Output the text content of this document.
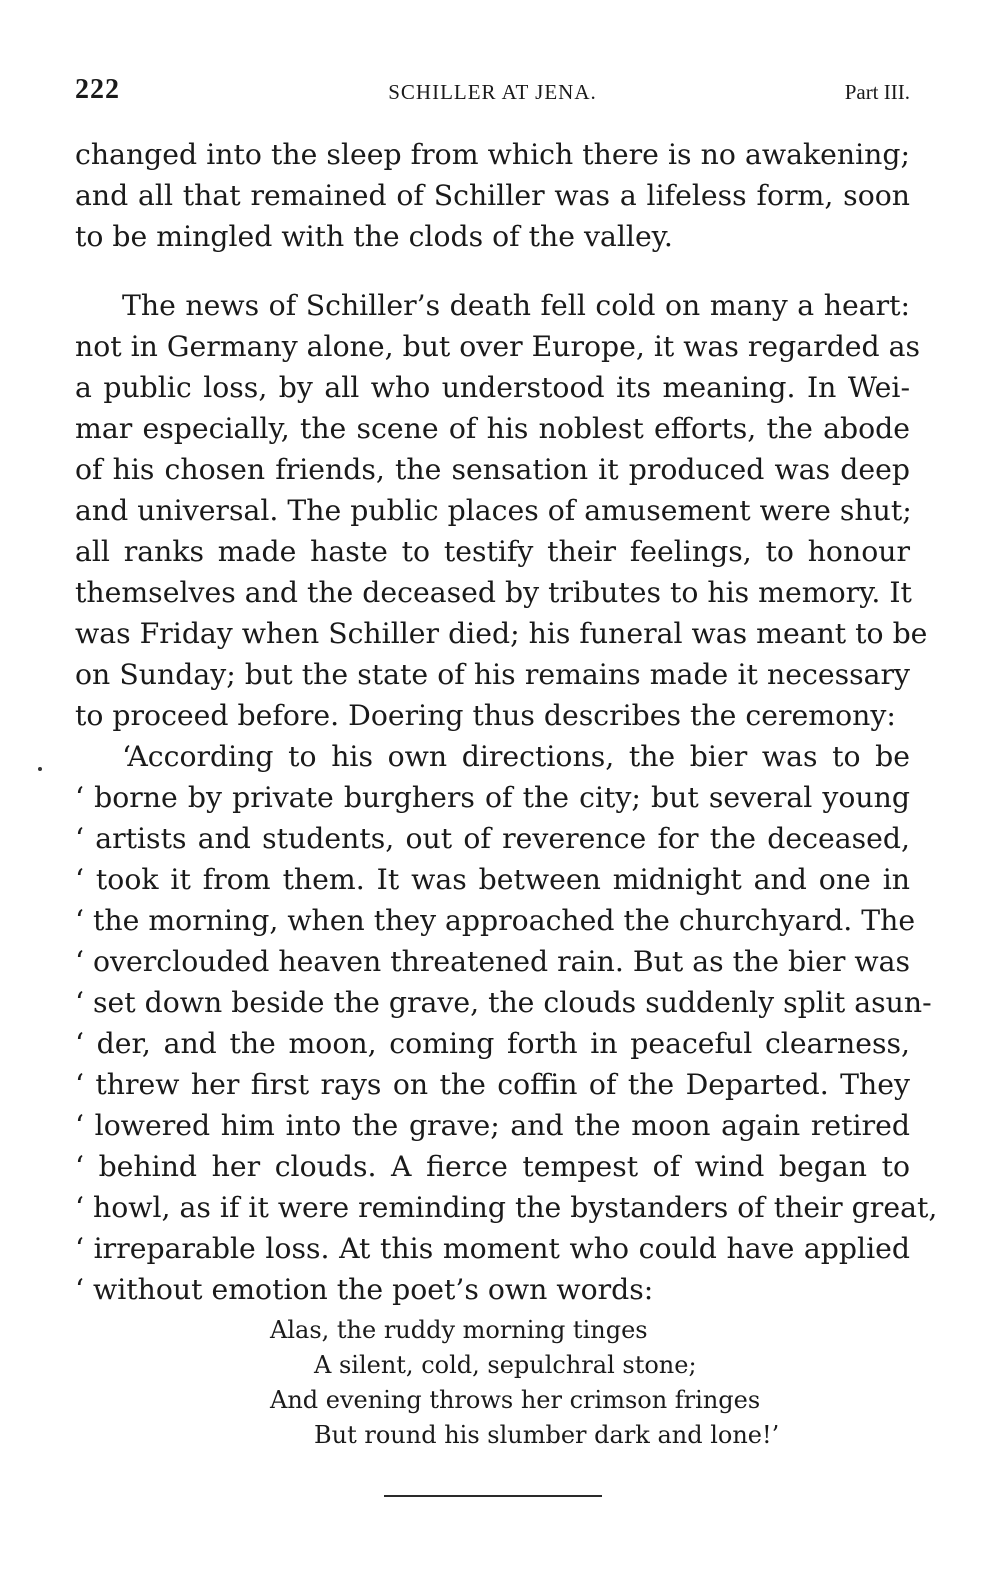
222	SCHILLER AT JENA.	Part III.
changed into the sleep from which there is no awakening;
and all that remained of Schiller was a lifeless form, soon
to be mingled with the clods of the valley.
The news of Schiller’s death fell cold on many a heart:
not in Germany alone, but over Europe, it was regarded as
a public loss, by all who understood its meaning. In Wei-
mar especially, the scene of his noblest efforts, the abode
of his chosen friends, the sensation it produced was deep
and universal. The public places of amusement were shut;
all ranks made haste to testify their feelings, to honour
themselves and the deceased by tributes to his memory. It
was Friday when Schiller died; his funeral was meant to be
on Sunday; but the state of his remains made it necessary
to proceed before. Doering thus describes the ceremony:
‘According to his own directions, the bier was to be
‘ borne by private burghers of the city; but several young
‘ artists and students, out of reverence for the deceased,
‘ took it from them. It was between midnight and one in
‘ the morning, when they approached the churchyard. The
‘ overclouded heaven threatened rain. But as the bier was
‘ set down beside the grave, the clouds suddenly split asun-
‘ der, and the moon, coming forth in peaceful clearness,
‘ threw her first rays on the coffin of the Departed. They
‘ lowered him into the grave; and the moon again retired
‘ behind her clouds. A fierce tempest of wind began to
‘ howl, as if it were reminding the bystanders of their great,
‘ irreparable loss. At this moment who could have applied
‘ without emotion the poet’s own words:
Alas, the ruddy morning tinges
A silent, cold, sepulchral stone;
And evening throws her crimson fringes
But round his slumber dark and lone!’
